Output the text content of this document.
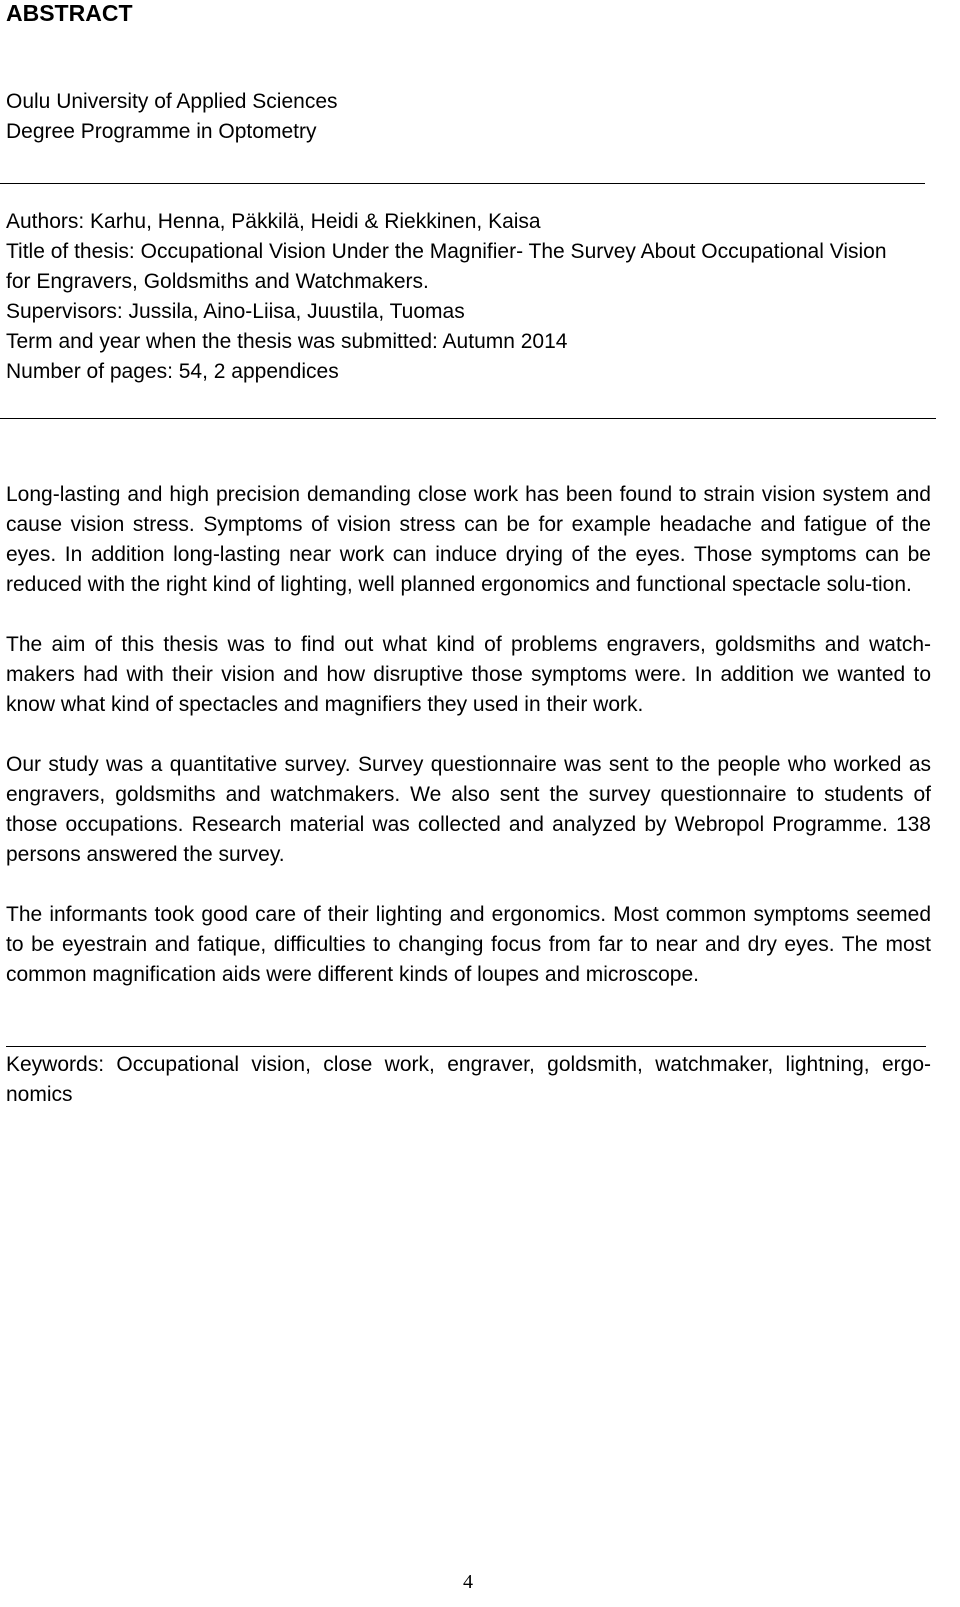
ABSTRACT
Oulu University of Applied Sciences
Degree Programme in Optometry
Authors: Karhu, Henna, Päkkilä, Heidi & Riekkinen, Kaisa
Title of thesis: Occupational Vision Under the Magnifier- The Survey About Occupational Vision
for Engravers, Goldsmiths and Watchmakers.
Supervisors: Jussila, Aino-Liisa, Juustila, Tuomas
Term and year when the thesis was submitted: Autumn 2014
Number of pages: 54, 2 appendices

Long-lasting and high precision demanding close work has been found to strain vision system and cause vision stress. Symptoms of vision stress can be for example headache and fatigue of the eyes. In addition long-lasting near work can induce drying of the eyes. Those symptoms can be reduced with the right kind of lighting, well planned ergonomics and functional spectacle solu-tion.

The aim of this thesis was to find out what kind of problems engravers, goldsmiths and watch-makers had with their vision and how disruptive those symptoms were. In addition we wanted to know what kind of spectacles and magnifiers they used in their work.

Our study was a quantitative survey. Survey questionnaire was sent to the people who worked as engravers, goldsmiths and watchmakers. We also sent the survey questionnaire to students of those occupations. Research material was collected and analyzed by Webropol Programme. 138 persons answered the survey.

The informants took good care of their lighting and ergonomics. Most common symptoms seemed to be eyestrain and fatique, difficulties to changing focus from far to near and dry eyes. The most common magnification aids were different kinds of loupes and microscope.

Keywords: Occupational vision, close work, engraver, goldsmith, watchmaker, lightning, ergo-nomics
4
